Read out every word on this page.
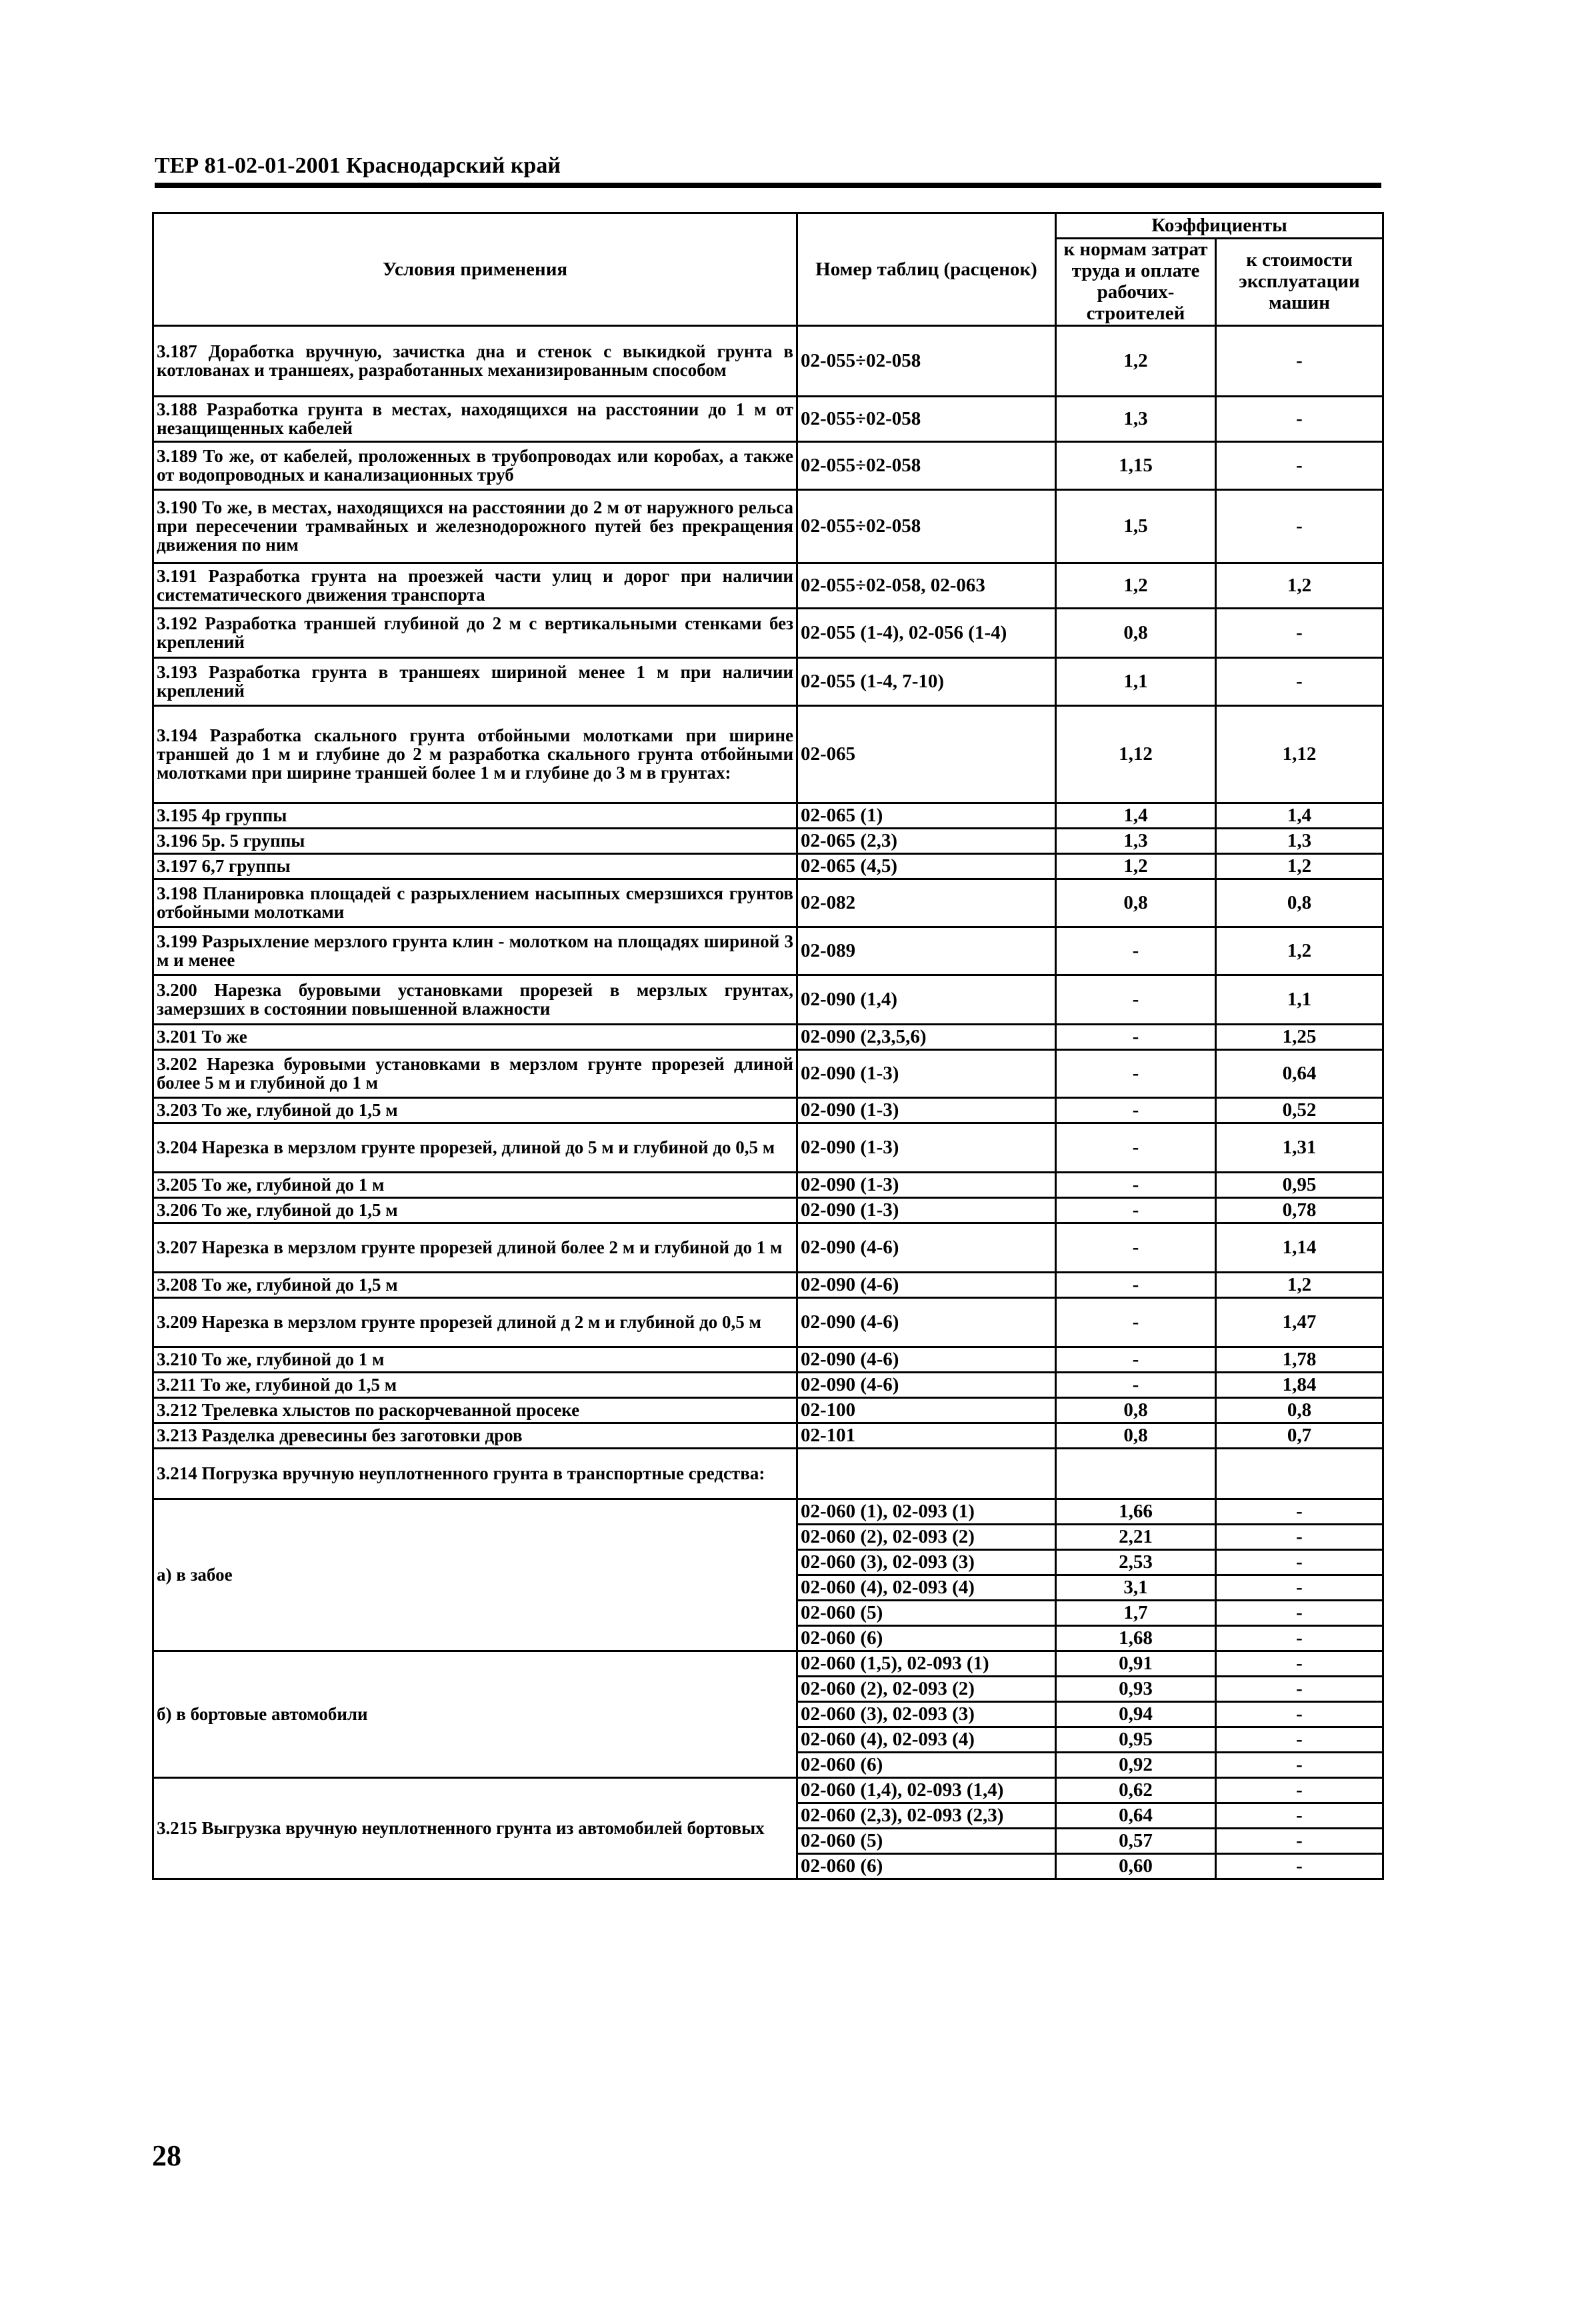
ТЕР 81-02-01-2001 Краснодарский край
Условия применения	Номер таблиц (расценок)	Коэффициенты	
		к нормам затрат труда и оплате рабочих-строителей	к стоимости эксплуатации машин
3.187 Доработка вручную, зачистка дна и стенок с выкидкой грунта в котлованах и траншеях, разработанных механизированным способом	02-055÷02-058	1,2	-
3.188 Разработка грунта в местах, находящихся на расстоянии до 1 м от незащищенных кабелей	02-055÷02-058	1,3	-
3.189 То же, от кабелей, проложенных в трубопроводах или коробах, а также от водопроводных и канализационных труб	02-055÷02-058	1,15	-
3.190 То же, в местах, находящихся на расстоянии до 2 м от наружного рельса при пересечении трамвайных и железнодорожного путей без прекращения движения по ним	02-055÷02-058	1,5	-
3.191 Разработка грунта на проезжей части улиц и дорог при наличии систематического движения транспорта	02-055÷02-058, 02-063	1,2	1,2
3.192 Разработка траншей глубиной до 2 м с вертикальными стенками без креплений	02-055 (1-4), 02-056 (1-4)	0,8	-
3.193 Разработка грунта в траншеях шириной менее 1 м при наличии креплений	02-055 (1-4, 7-10)	1,1	-
3.194 Разработка скального грунта отбойными молотками при ширине траншей до 1 м и глубине до 2 м разработка скального грунта отбойными молотками при ширине траншей более 1 м и глубине до 3 м в грунтах:	02-065	1,12	1,12
3.195 4р группы	02-065 (1)	1,4	1,4
3.196 5р. 5 группы	02-065 (2,3)	1,3	1,3
3.197 6,7 группы	02-065 (4,5)	1,2	1,2
3.198 Планировка площадей с разрыхлением насыпных смерзшихся грунтов отбойными молотками	02-082	0,8	0,8
3.199 Разрыхление мерзлого грунта клин - молотком на площадях шириной 3 м и менее	02-089	-	1,2
3.200 Нарезка буровыми установками прорезей в мерзлых грунтах, замерзших в состоянии повышенной влажности	02-090 (1,4)	-	1,1
3.201 То же	02-090 (2,3,5,6)	-	1,25
3.202 Нарезка буровыми установками в мерзлом грунте прорезей длиной более 5 м и глубиной до 1 м	02-090 (1-3)	-	0,64
3.203 То же, глубиной до 1,5 м	02-090 (1-3)	-	0,52
3.204 Нарезка в мерзлом грунте прорезей, длиной до 5 м и глубиной до 0,5 м	02-090 (1-3)	-	1,31
3.205 То же, глубиной до 1 м	02-090 (1-3)	-	0,95
3.206 То же, глубиной до 1,5 м	02-090 (1-3)	-	0,78
3.207 Нарезка в мерзлом грунте прорезей длиной более 2 м и глубиной до 1 м	02-090 (4-6)	-	1,14
3.208 То же, глубиной до 1,5 м	02-090 (4-6)	-	1,2
3.209 Нарезка в мерзлом грунте прорезей длиной д 2 м и глубиной до 0,5 м	02-090 (4-6)	-	1,47
3.210 То же, глубиной до 1 м	02-090 (4-6)	-	1,78
3.211 То же, глубиной до 1,5 м	02-090 (4-6)	-	1,84
3.212 Трелевка хлыстов по раскорчеванной просеке	02-100	0,8	0,8
3.213 Разделка древесины без заготовки дров	02-101	0,8	0,7
3.214 Погрузка вручную неуплотненного грунта в транспортные средства:			
а) в забое	02-060 (1), 02-093 (1)	1,66	-
	02-060 (2), 02-093 (2)	2,21	-
	02-060 (3), 02-093 (3)	2,53	-
	02-060 (4), 02-093 (4)	3,1	-
	02-060 (5)	1,7	-
	02-060 (6)	1,68	-
б) в бортовые автомобили	02-060 (1,5), 02-093 (1)	0,91	-
	02-060 (2), 02-093 (2)	0,93	-
	02-060 (3), 02-093 (3)	0,94	-
	02-060 (4), 02-093 (4)	0,95	-
	02-060 (6)	0,92	-
3.215 Выгрузка вручную неуплотненного грунта из автомобилей бортовых	02-060 (1,4), 02-093 (1,4)	0,62	-
	02-060 (2,3), 02-093 (2,3)	0,64	-
	02-060 (5)	0,57	-
	02-060 (6)	0,60	-
28
